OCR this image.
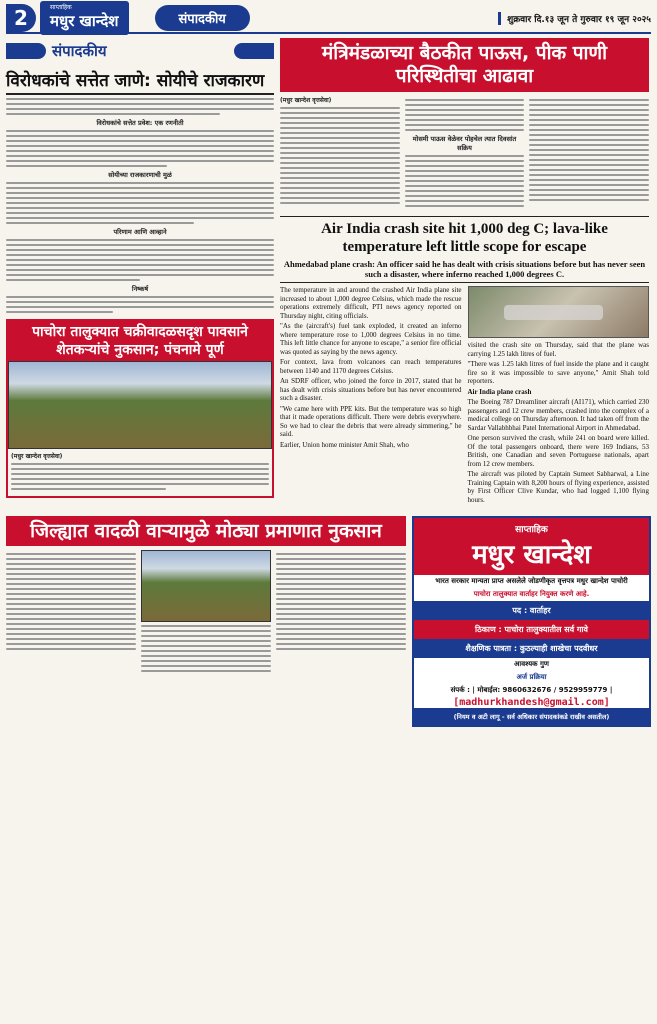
2	साप्ताहिक
मधुर खान्देश	संपादकीय	शुक्रवार दि.१३ जून ते गुरुवार १९ जून २०२५
संपादकीय
विरोधकांचे सत्तेत जाणे: सोयीचे राजकारण
विरोधकांचे सत्तेत प्रवेश: एक रणनीती
सोयीच्या राजकारणाची मुळं
परिणाम आणि आव्हाने
निष्कर्ष
पाचोरा तालुक्यात चक्रीवादळसदृश पावसाने शेतकऱ्यांचे नुकसान; पंचनामे पूर्ण
(मधुर खान्देश वृत्तसेवा)
मंत्रिमंडळाच्या बैठकीत पाऊस, पीक पाणी परिस्थितीचा आढावा
(मधुर खान्देश वृत्तसेवा)
मोसमी पाऊस वेळेवर पोहचेल त्यात दिवसांत सक्रिय
Air India crash site hit 1,000 deg C; lava-like temperature left little scope for escape
Ahmedabad plane crash: An officer said he has dealt with crisis situations before but has never seen such a disaster, where inferno reached 1,000 degrees C.

The temperature in and around the crashed Air India plane site increased to about 1,000 degree Celsius, which made the rescue operations extremely difficult, PTI news agency reported on Thursday night, citing officials.

"As the (aircraft's) fuel tank exploded, it created an inferno where temperature rose to 1,000 degrees Celsius in no time. This left little chance for anyone to escape," a senior fire official was quoted as saying by the news agency.

For context, lava from volcanoes can reach temperatures between 1140 and 1170 degrees Celsius.

An SDRF officer, who joined the force in 2017, stated that he has dealt with crisis situations before but has never encountered such a disaster.

"We came here with PPE kits. But the temperature was so high that it made operations difficult. There were debris everywhere. So we had to clear the debris that were already simmering," he said.

Earlier, Union home minister Amit Shah, who

visited the crash site on Thursday, said that the plane was carrying 1.25 lakh litres of fuel.

"There was 1.25 lakh litres of fuel inside the plane and it caught fire so it was impossible to save anyone," Amit Shah told reporters.

Air India plane crash

The Boeing 787 Dreamliner aircraft (AI171), which carried 230 passengers and 12 crew members, crashed into the complex of a medical college on Thursday afternoon. It had taken off from the Sardar Vallabhbhai Patel International Airport in Ahmedabad.

One person survived the crash, while 241 on board were killed. Of the total passengers onboard, there were 169 Indians, 53 British, one Canadian and seven Portuguese nationals, apart from 12 crew members.

The aircraft was piloted by Captain Sumeet Sabharwal, a Line Training Captain with 8,200 hours of flying experience, assisted by First Officer Clive Kundar, who had logged 1,100 flying hours.

जिल्ह्यात वादळी वाऱ्यामुळे मोठ्या प्रमाणात नुकसान	साप्ताहिक
मधुर खान्देश
भारत सरकार मान्यता प्राप्त असलेले जोडणीकृत वृत्तपत्र मधुर खान्देश पाचोरी
पाचोरा तालुक्यात वार्ताहर नियुक्त करणे आहे.
पद : वार्ताहर
ठिकाण : पाचोरा तालुक्यातील सर्व गावे
शैक्षणिक पात्रता : कुठल्याही शाखेचा पदवीधर
आवश्यक गुण
अर्ज प्रक्रिया
संपर्क : | मोबाईल: 9860632676 / 9529959779 |
[madhurkhandesh@gmail.com]
(नियम व अटी लागू - सर्व अधिकार संपादकांकडे राखीव असतील)
